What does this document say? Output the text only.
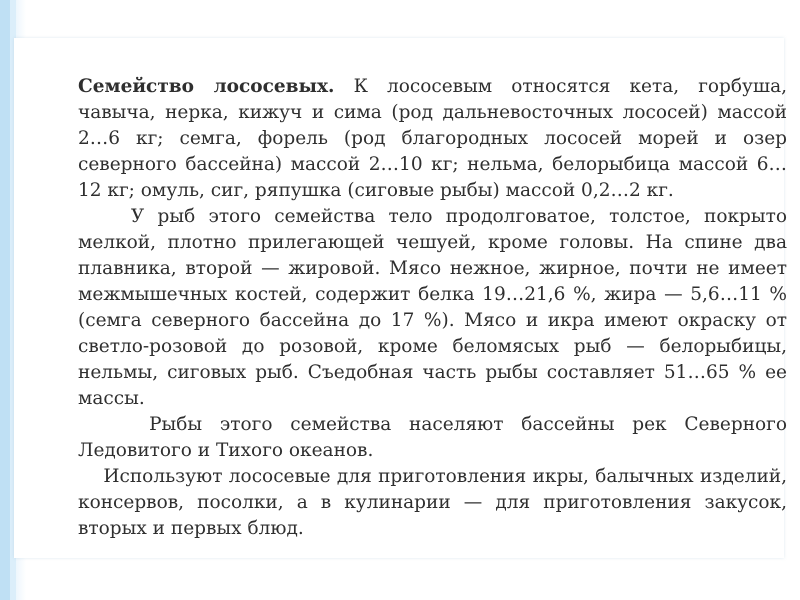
Семейство лососевых. К лососевым относятся кета, горбуша, чавыча, нерка, кижуч и сима (род дальневосточных лососей) массой 2…6 кг; семга, форель (род благородных лососей морей и озер северного бассейна) массой 2…10 кг; нельма, белорыбица массой 6…12 кг; омуль, сиг, ряпушка (сиговые рыбы) массой 0,2…2 кг.

У рыб этого семейства тело продолговатое, толстое, покрыто мелкой, плотно прилегающей чешуей, кроме головы. На спине два плавника, второй — жировой. Мясо нежное, жирное, почти не имеет межмышечных костей, содержит белка 19…21,6 %, жира — 5,6…11 % (семга северного бассейна до 17 %). Мясо и икра имеют окраску от светло-розовой до розовой, кроме беломясых рыб — белорыбицы, нельмы, сиговых рыб. Съедобная часть рыбы составляет 51…65 % ее массы.

Рыбы этого семейства населяют бассейны рек Северного Ледовитого и Тихого океанов.

Используют лососевые для приготовления икры, балычных изделий, консервов, посолки, а в кулинарии — для приготовления закусок, вторых и первых блюд.
